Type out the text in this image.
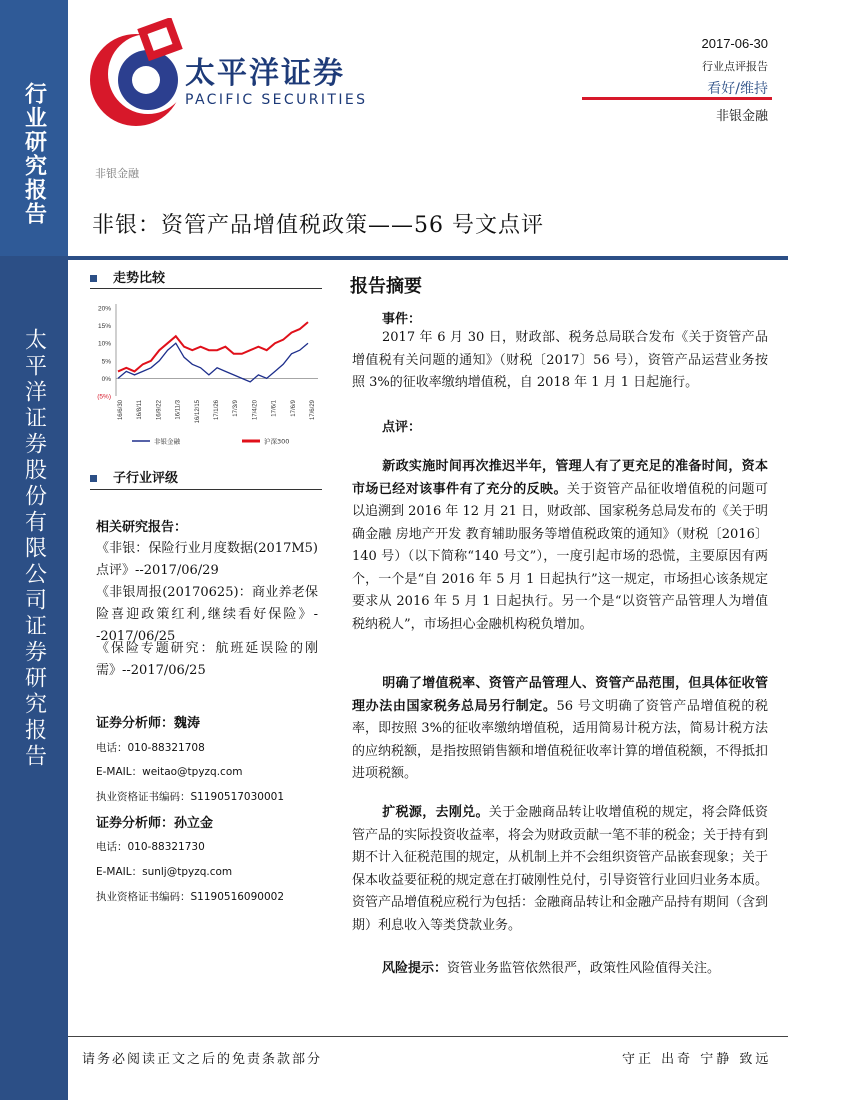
行业研究报告
太平洋证券股份有限公司证券研究报告
太平洋证券
PACIFIC SECURITIES
2017-06-30
行业点评报告
看好/维持
非银金融
非银金融
非银：资管产品增值税政策——56 号文点评
走势比较
20%
15%
10%
5%
0%
(5%)
16/6/30 16/8/11 16/9/22 16/11/3 16/12/15 17/1/26 17/3/9 17/4/20 17/6/1 17/6/9 17/6/29
非银金融	沪深300
子行业评级
相关研究报告：
《非银：保险行业月度数据(2017M5)点评》--2017/06/29
《非银周报(20170625)：商业养老保险喜迎政策红利,继续看好保险》--2017/06/25
《保险专题研究：航班延误险的刚需》--2017/06/25
证券分析师：魏涛
电话：010-88321708
E-MAIL：weitao@tpyzq.com
执业资格证书编码：S1190517030001
证券分析师：孙立金
电话：010-88321730
E-MAIL：sunlj@tpyzq.com
执业资格证书编码：S1190516090002
报告摘要
事件：
2017 年 6 月 30 日，财政部、税务总局联合发布《关于资管产品增值税有关问题的通知》（财税〔2017〕56 号），资管产品运营业务按照 3%的征收率缴纳增值税，自 2018 年 1 月 1 日起施行。
点评：
新政实施时间再次推迟半年，管理人有了更充足的准备时间，资本市场已经对该事件有了充分的反映。关于资管产品征收增值税的问题可以追溯到 2016 年 12 月 21 日，财政部、国家税务总局发布的《关于明确金融 房地产开发 教育辅助服务等增值税政策的通知》（财税〔2016〕140 号）（以下简称“140 号文”），一度引起市场的恐慌，主要原因有两个，一个是“自 2016 年 5 月 1 日起执行”这一规定，市场担心该条规定要求从 2016 年 5 月 1 日起执行。另一个是“以资管产品管理人为增值税纳税人”，市场担心金融机构税负增加。
明确了增值税率、资管产品管理人、资管产品范围，但具体征收管理办法由国家税务总局另行制定。56 号文明确了资管产品增值税的税率，即按照 3%的征收率缴纳增值税，适用简易计税方法，简易计税方法的应纳税额，是指按照销售额和增值税征收率计算的增值税额，不得抵扣进项税额。
扩税源，去刚兑。关于金融商品转让收增值税的规定，将会降低资管产品的实际投资收益率，将会为财政贡献一笔不菲的税金；关于持有到期不计入征税范围的规定，从机制上并不会组织资管产品嵌套现象；关于保本收益要征税的规定意在打破刚性兑付，引导资管行业回归业务本质。资管产品增值税应税行为包括：金融商品转让和金融产品持有期间（含到期）利息收入等类贷款业务。
风险提示：资管业务监管依然很严，政策性风险值得关注。
请务必阅读正文之后的免责条款部分	守正 出奇 宁静 致远
